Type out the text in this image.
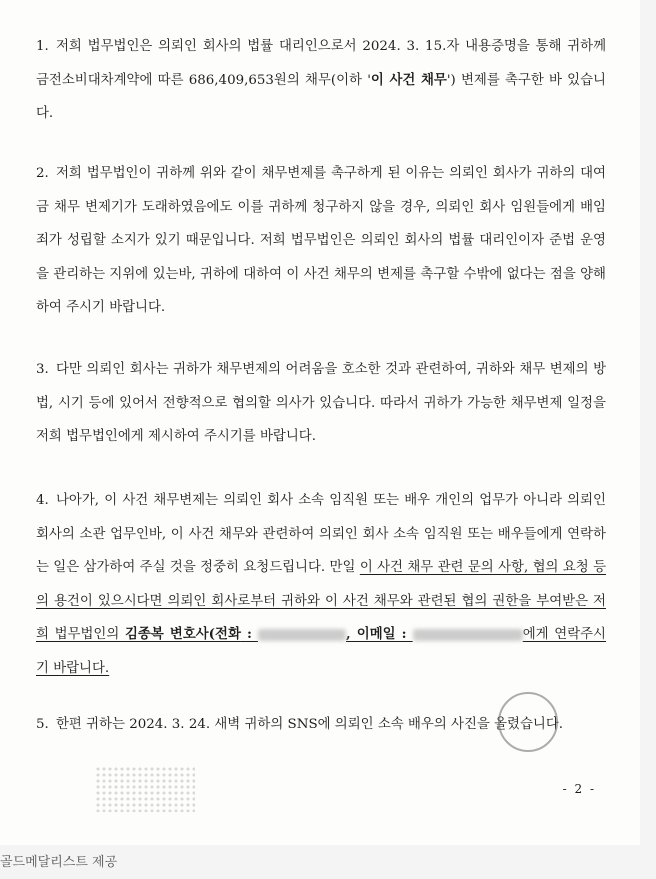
1. 저희 법무법인은 의뢰인 회사의 법률 대리인으로서 2024. 3. 15.자 내용증명을 통해 귀하께 금전소비대차계약에 따른 686,409,653원의 채무(이하 '이 사건 채무') 변제를 촉구한 바 있습니다.
2. 저희 법무법인이 귀하께 위와 같이 채무변제를 촉구하게 된 이유는 의뢰인 회사가 귀하의 대여금 채무 변제기가 도래하였음에도 이를 귀하께 청구하지 않을 경우, 의뢰인 회사 임원들에게 배임죄가 성립할 소지가 있기 때문입니다. 저희 법무법인은 의뢰인 회사의 법률 대리인이자 준법 운영을 관리하는 지위에 있는바, 귀하에 대하여 이 사건 채무의 변제를 촉구할 수밖에 없다는 점을 양해하여 주시기 바랍니다.
3. 다만 의뢰인 회사는 귀하가 채무변제의 어려움을 호소한 것과 관련하여, 귀하와 채무 변제의 방법, 시기 등에 있어서 전향적으로 협의할 의사가 있습니다. 따라서 귀하가 가능한 채무변제 일정을 저희 법무법인에게 제시하여 주시기를 바랍니다.
4. 나아가, 이 사건 채무변제는 의뢰인 회사 소속 임직원 또는 배우 개인의 업무가 아니라 의뢰인 회사의 소관 업무인바, 이 사건 채무와 관련하여 의뢰인 회사 소속 임직원 또는 배우들에게 연락하는 일은 삼가하여 주실 것을 정중히 요청드립니다. 만일 이 사건 채무 관련 문의 사항, 협의 요청 등의 용건이 있으시다면 의뢰인 회사로부터 귀하와 이 사건 채무와 관련된 협의 권한을 부여받은 저희 법무법인의 김종복 변호사(전화 :	, 이메일 :	에게 연락주시기 바랍니다.
5. 한편 귀하는 2024. 3. 24. 새벽 귀하의 SNS에 의뢰인 소속 배우의 사진을 올렸습니다.
- 2 -
골드메달리스트 제공
